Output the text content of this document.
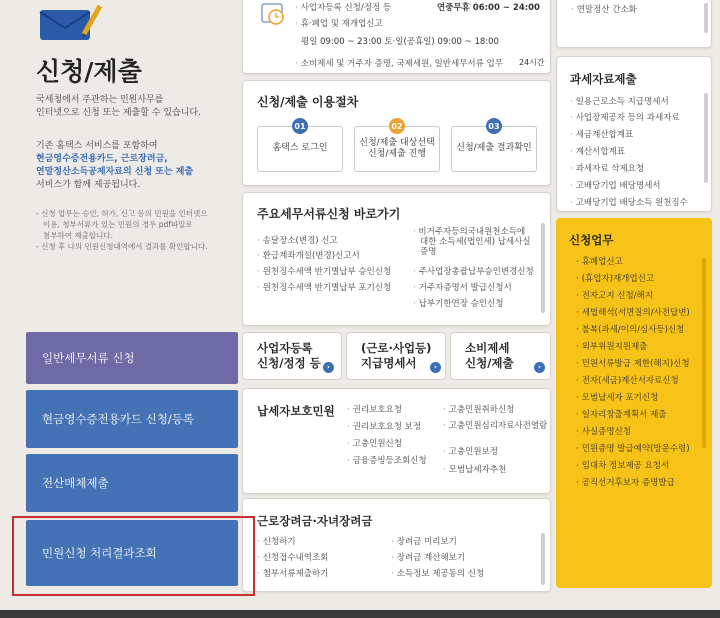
신청/제출
국세청에서 주관하는 민원사무를
인터넷으로 신청 또는 제출할 수 있습니다.
기존 홈택스 서비스를 포함하여
현금영수증전용카드, 근로장려금,
연말정산소득공제자료의 신청 또는 제출
서비스가 함께 제공됩니다.
- 신청 업무는 승인, 허가, 신고 등의 민원을 인터넷으
이용, 청부서류가 있는 민원의 경우 pdf파일로
첨부하여 제출합니다.
- 신청 후 나의 민원신청내역에서 결과를 확인합니다.
· 사업자등록 신청/정정 등	연중무휴 06:00 ~ 24:00
· 휴·폐업 및 재개업신고
평일 09:00 ~ 23:00 토·일(공휴일) 09:00 ~ 18:00
· 소비제세 및 거주자 증명, 국제세원, 일반세무서류 업무 24시간
신청/제출 이용절차
홈택스 로그인
01
신청/제출 대상선택
신청/제출 진행
02
신청/제출 결과확인
03
주요세무서류신청 바로가기
· 송달장소(변경) 신고
· 환급계좌개설(변경)신고서
· 원천징수세액 반기별납부 승인신청
· 원천징수세액 반기별납부 포기신청
· 비거주자등의국내원천소득에
대한 소득세(법인세) 납세사실
증명
· 주사업장총괄납부승인변경신청
· 거주자증명서 발급신청서
· 납부기한연장 승인신청
사업자등록
신청/정정 등 ›
(근로·사업등)
지급명세서	›
소비제세
신청/제출	›
납세자보호민원
·	권리보호요청
· 권리보호요청 보정
· 고충민원신청
· 금융증빙등조회신청
· 고충민원취하신청
· 고충민원심리자료사전열람
· 고충민원보정
· 모범납세자추천
근로장려금·자녀장려금
· 신청하기
· 신청접수내역조회
· 첨부서류제출하기
· 장려금 미리보기
· 장려금 계산해보기
· 소득정보 제공동의 신청
일반세무서류 신청
현금영수증전용카드 신청/등록
전산매체제출
민원신청 처리결과조회
· 연말정산 간소화
과세자료제출
· 일용근로소득 지급명세서
· 사업장제공자 등의 과세자료
· 세금계산합계표
· 계산서합계표
· 과세자료 삭제요청
· 고배당기업 배당명세서
· 고배당기업 배당소득 원천징수
신청업무
· 휴폐업신고
· (휴업자)재개업신고
· 전자고지 신청/해지
· 세법해석(서면질의/사전답변)
· 불복(과세/이의/심사등)신청
· 외부위원지원제출
· 민원서류발급 제한(해지)신청
· 전자(세금)계산서자료신청
· 모범납세자 포기신청
· 일자리창출계획서 제출
· 사실증명신청
· 민원증명 발급예약(방문수령)
· 임대차 정보제공 요청서
· 공직선거후보자 증명발급
